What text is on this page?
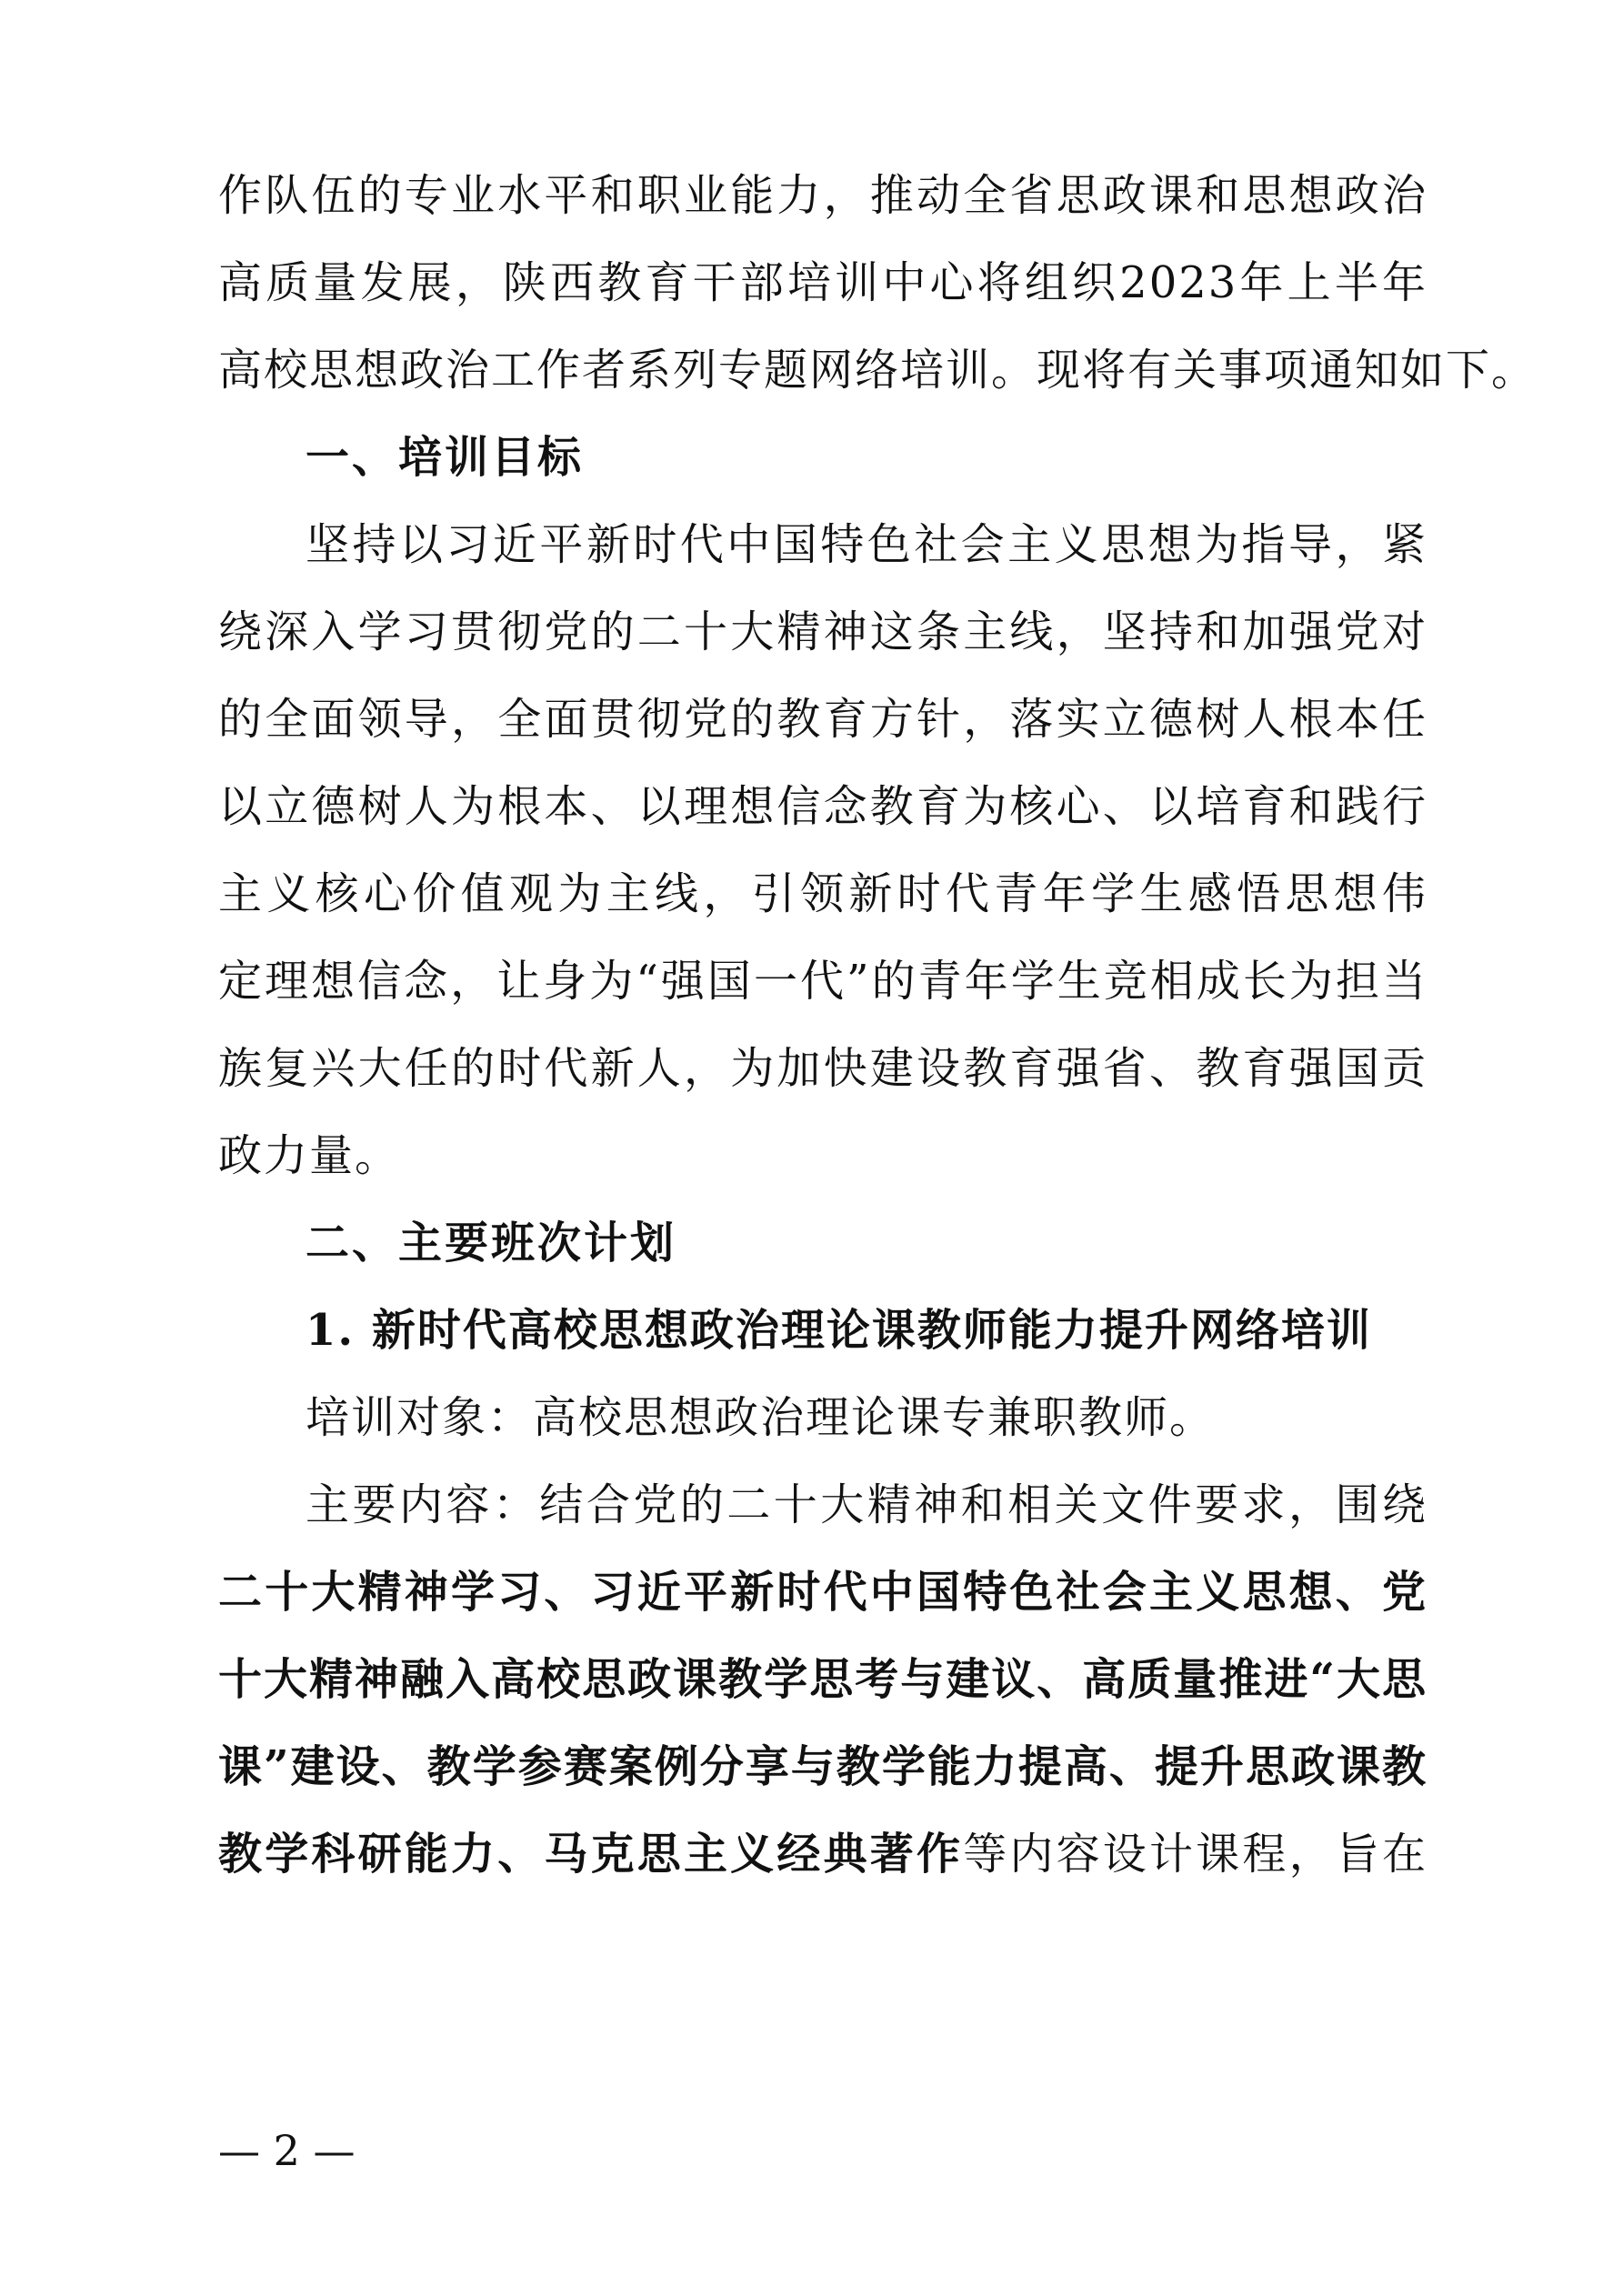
作队伍的专业水平和职业能力，推动全省思政课和思想政治
高质量发展，陕西教育干部培训中心将组织2023年上半年
高校思想政治工作者系列专题网络培训。现将有关事项通知如下。
一、培训目标
坚持以习近平新时代中国特色社会主义思想为指导，紧
绕深入学习贯彻党的二十大精神这条主线，坚持和加强党对
的全面领导，全面贯彻党的教育方针，落实立德树人根本任
以立德树人为根本、以理想信念教育为核心、以培育和践行
主义核心价值观为主线，引领新时代青年学生感悟思想伟
定理想信念，让身为“强国一代”的青年学生竞相成长为担当
族复兴大任的时代新人，为加快建设教育强省、教育强国贡
政力量。
二、主要班次计划
1. 新时代高校思想政治理论课教师能力提升网络培训
培训对象：高校思想政治理论课专兼职教师。
主要内容：结合党的二十大精神和相关文件要求，围绕
二十大精神学习、习近平新时代中国特色社会主义思想、党
十大精神融入高校思政课教学思考与建议、高质量推进“大思
课”建设、教学参赛案例分享与教学能力提高、提升思政课教
教学科研能力、马克思主义经典著作等内容设计课程，旨在
— 2 —
